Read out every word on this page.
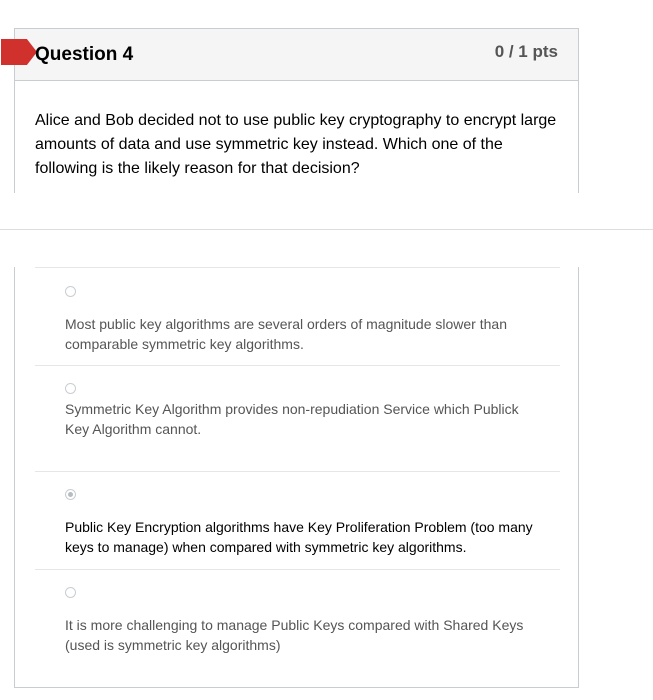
Question 4	0 / 1 pts
Alice and Bob decided not to use public key cryptography to encrypt large amounts of data and use symmetric key instead. Which one of the following is the likely reason for that decision?
Most public key algorithms are several orders of magnitude slower than comparable symmetric key algorithms.
Symmetric Key Algorithm provides non-repudiation Service which Publick Key Algorithm cannot.
Public Key Encryption algorithms have Key Proliferation Problem (too many keys to manage) when compared with symmetric key algorithms.
It is more challenging to manage Public Keys compared with Shared Keys (used is symmetric key algorithms)
